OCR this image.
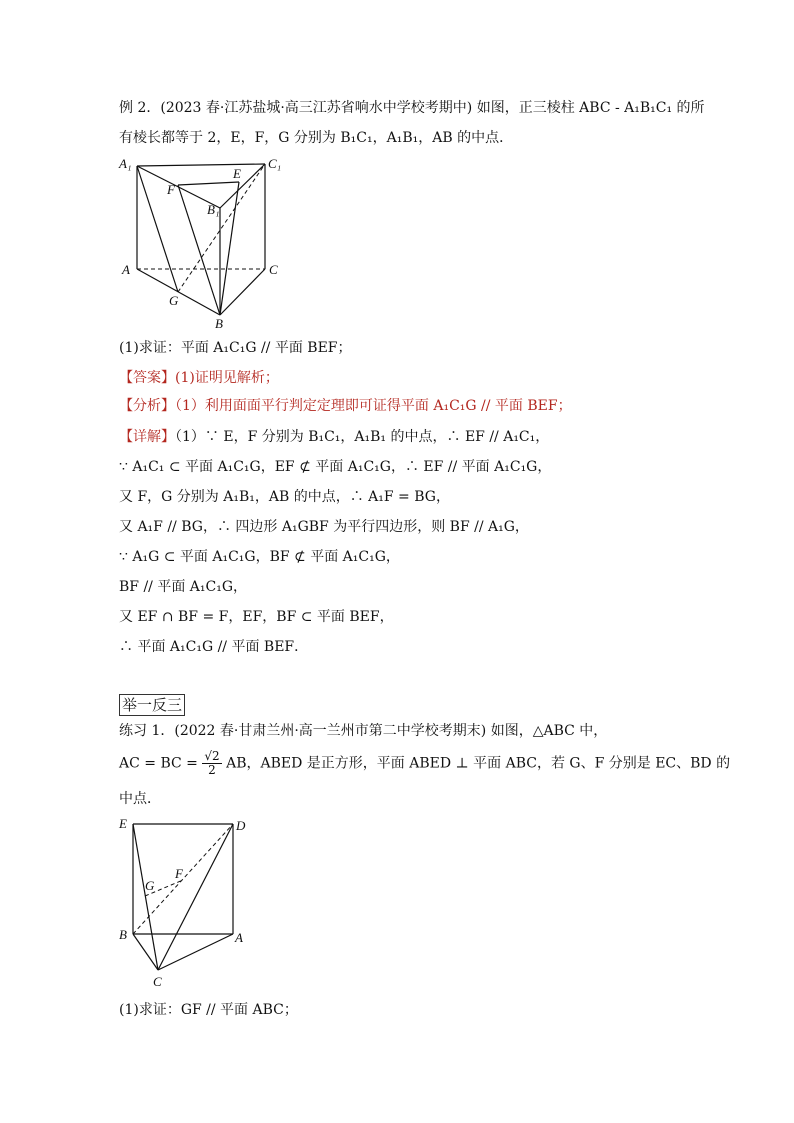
例 2．(2023 春·江苏盐城·高三江苏省响水中学校考期中) 如图，正三棱柱 ABC - A₁B₁C₁ 的所
有棱长都等于 2，E，F，G 分别为 B₁C₁，A₁B₁，AB 的中点．
A₁	C₁
E
F
B₁
A	C
G
B
(1)求证：平面 A₁C₁G // 平面 BEF；
【答案】(1)证明见解析；
【分析】（1）利用面面平行判定定理即可证得平面 A₁C₁G // 平面 BEF；
【详解】（1）∵ E，F 分别为 B₁C₁，A₁B₁ 的中点，∴ EF // A₁C₁，
∵ A₁C₁ ⊂ 平面 A₁C₁G，EF ⊄ 平面 A₁C₁G，∴ EF // 平面 A₁C₁G，
又 F，G 分别为 A₁B₁，AB 的中点，∴ A₁F = BG，
又 A₁F // BG，∴ 四边形 A₁GBF 为平行四边形，则 BF // A₁G，
∵ A₁G ⊂ 平面 A₁C₁G，BF ⊄ 平面 A₁C₁G，
BF // 平面 A₁C₁G，
又 EF ∩ BF = F，EF，BF ⊂ 平面 BEF，
∴ 平面 A₁C₁G // 平面 BEF．
举一反三
练习 1．(2022 春·甘肃兰州·高一兰州市第二中学校考期末) 如图，△ABC 中，
AC = BC = $\frac{√2}{2}$ AB，ABED 是正方形，平面 ABED ⊥ 平面 ABC，若 G、F 分别是 EC、BD 的
中点．
E	D
G
F
B	A
C
(1)求证：GF // 平面 ABC；
